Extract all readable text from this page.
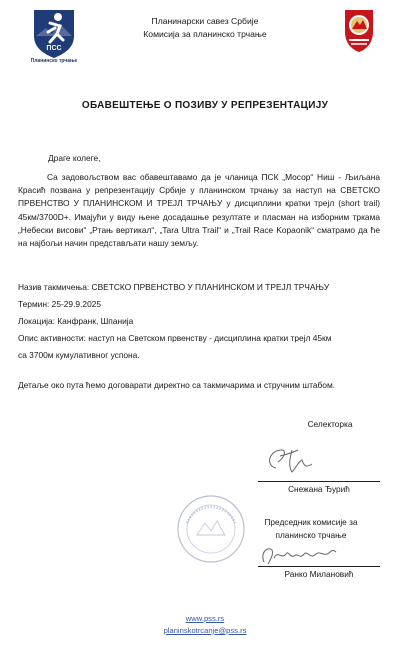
ПСС
Планинско трчање
Планинарски савез Србије
Комисија за планинско трчање
ОБАВЕШТЕЊЕ О ПОЗИВУ У РЕПРЕЗЕНТАЦИЈУ
Драге колеге,
Са задовољством вас обавештавамо да је чланица ПСК „Мосор“ Ниш - Љиљана Красић позвана у репрезентацију Србије у планинском трчању за наступ на СВЕТСКО ПРВЕНСТВО У ПЛАНИНСКОМ И ТРЕЈЛ ТРЧАЊУ у дисциплини кратки трејл (short trail) 45км/3700D+. Имајући у виду њене досадашње резултате и пласман на изборним тркама „Небески висови“ „Ртањ вертикал“, „Tara Ultra Trail“ и „Trail Race Kopaonik“ сматрамо да ће на најбољи начин представљати нашу земљу.
Назив такмичења: СВЕТСКО ПРВЕНСТВО У ПЛАНИНСКОМ И ТРЕЈЛ ТРЧАЊУ
Термин: 25-29.9.2025
Локација: Канфранк, Шпанија
Опис активности: наступ на Светском првенству - дисциплина кратки трејл 45км
са 3700м кумулативног успона.
Детаље око пута ћемо договарати директно са такмичарима и стручним штабом.
Селекторка
Снежана Ђурић
Председник комисије за
планинско трчање
Ранко Милановић
www.pss.rs
planinskotrcanje@pss.rs
